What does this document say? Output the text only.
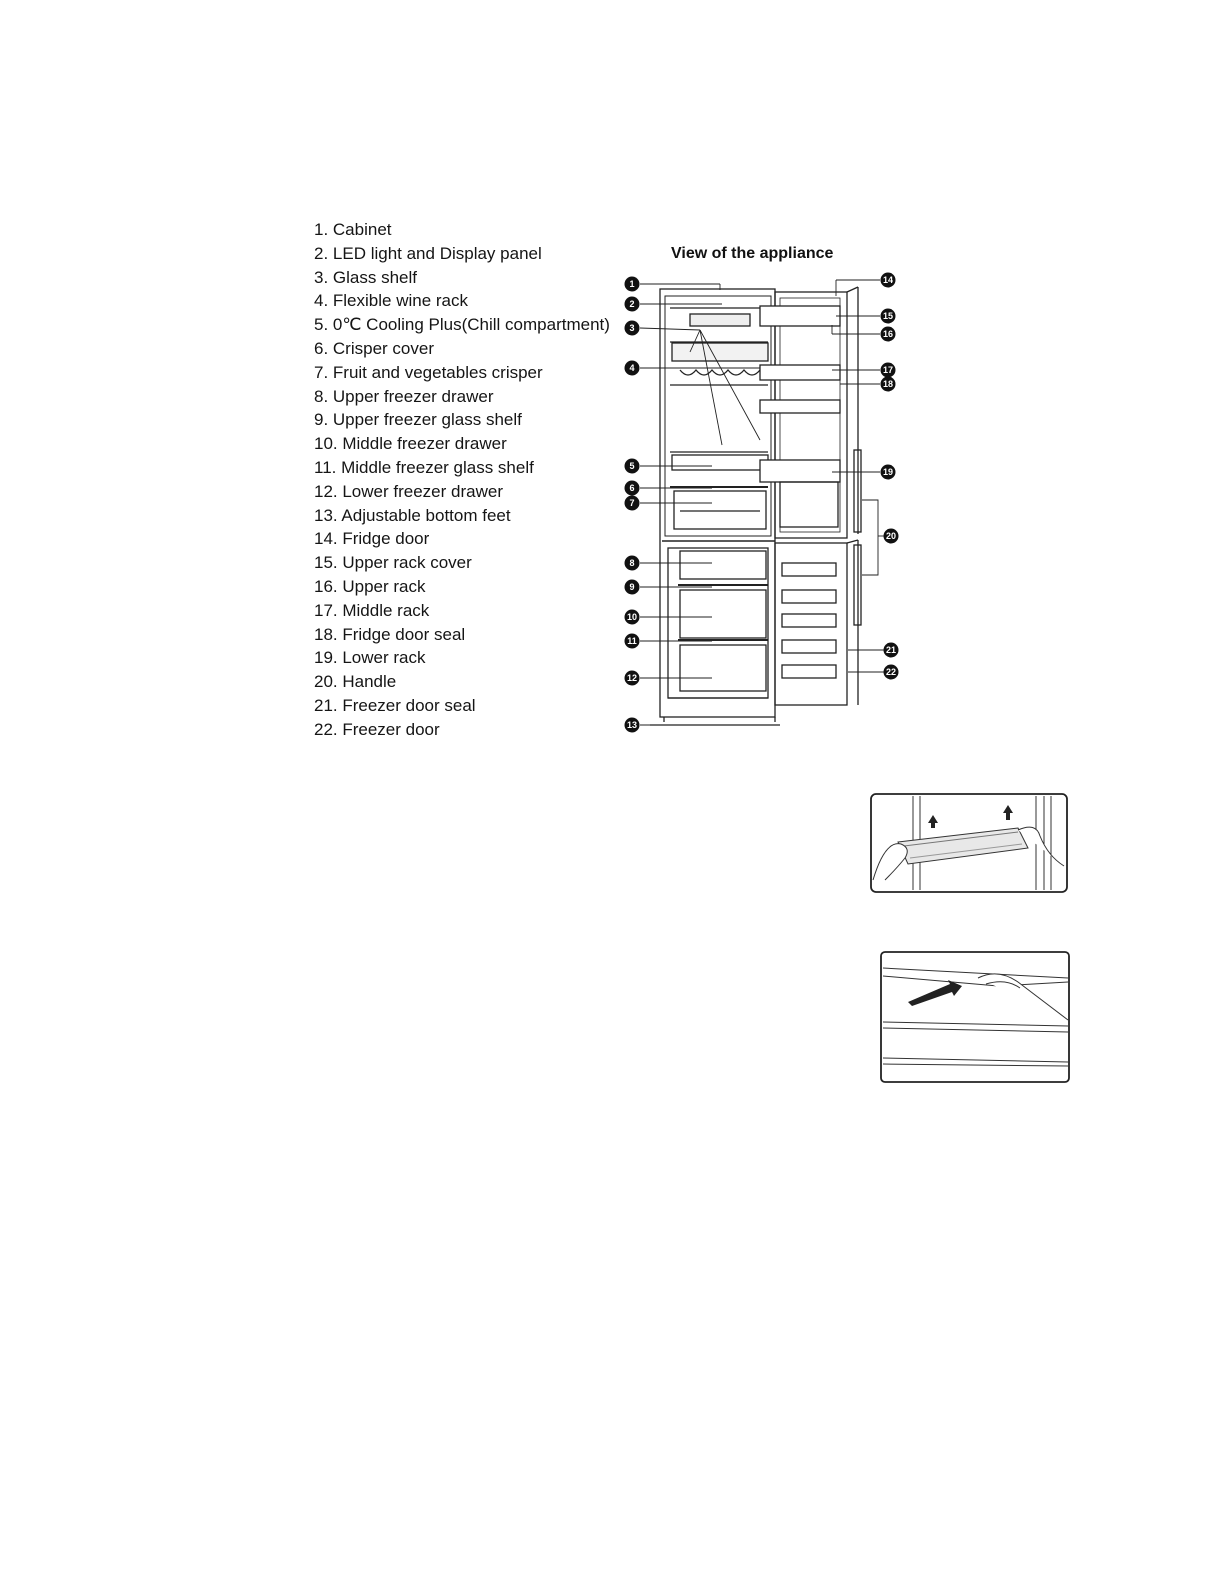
1. Cabinet
2. LED light and Display panel
3. Glass shelf
4. Flexible wine rack
5. 0℃ Cooling Plus(Chill compartment)
6. Crisper cover
7. Fruit and vegetables crisper
8. Upper freezer drawer
9. Upper freezer glass shelf
10. Middle freezer drawer
11. Middle freezer glass shelf
12. Lower freezer drawer
13. Adjustable bottom feet
14. Fridge door
15. Upper rack cover
16. Upper rack
17. Middle rack
18. Fridge door seal
19. Lower rack
20. Handle
21. Freezer door seal
22. Freezer door
View of the appliance
1
2
3
4
5
6
7
8
9
10
11
12
13
14
15
16
17
18
19
20
21
22
